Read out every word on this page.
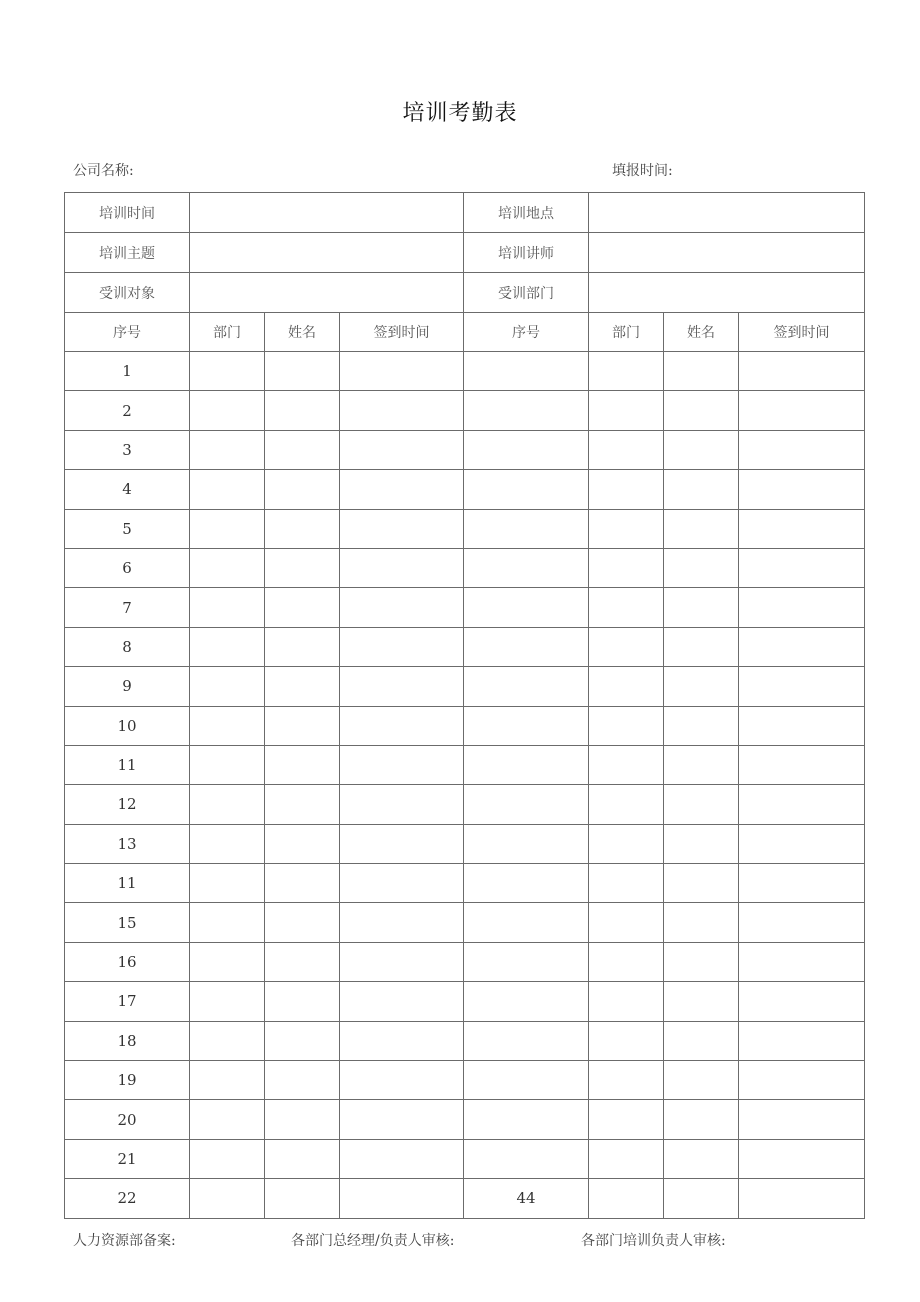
培训考勤表
公司名称:	填报时间:
培训时间				培训地点			
培训主题				培训讲师			
受训对象				受训部门			
序号	部门	姓名	签到时间	序号	部门	姓名	签到时间
1							
2							
3							
4							
5							
6							
7							
8							
9							
10							
11							
12							
13							
11							
15							
16							
17							
18							
19							
20							
21							
22				44			
人力资源部备案:	各部门总经理/负责人审核:	各部门培训负责人审核:
